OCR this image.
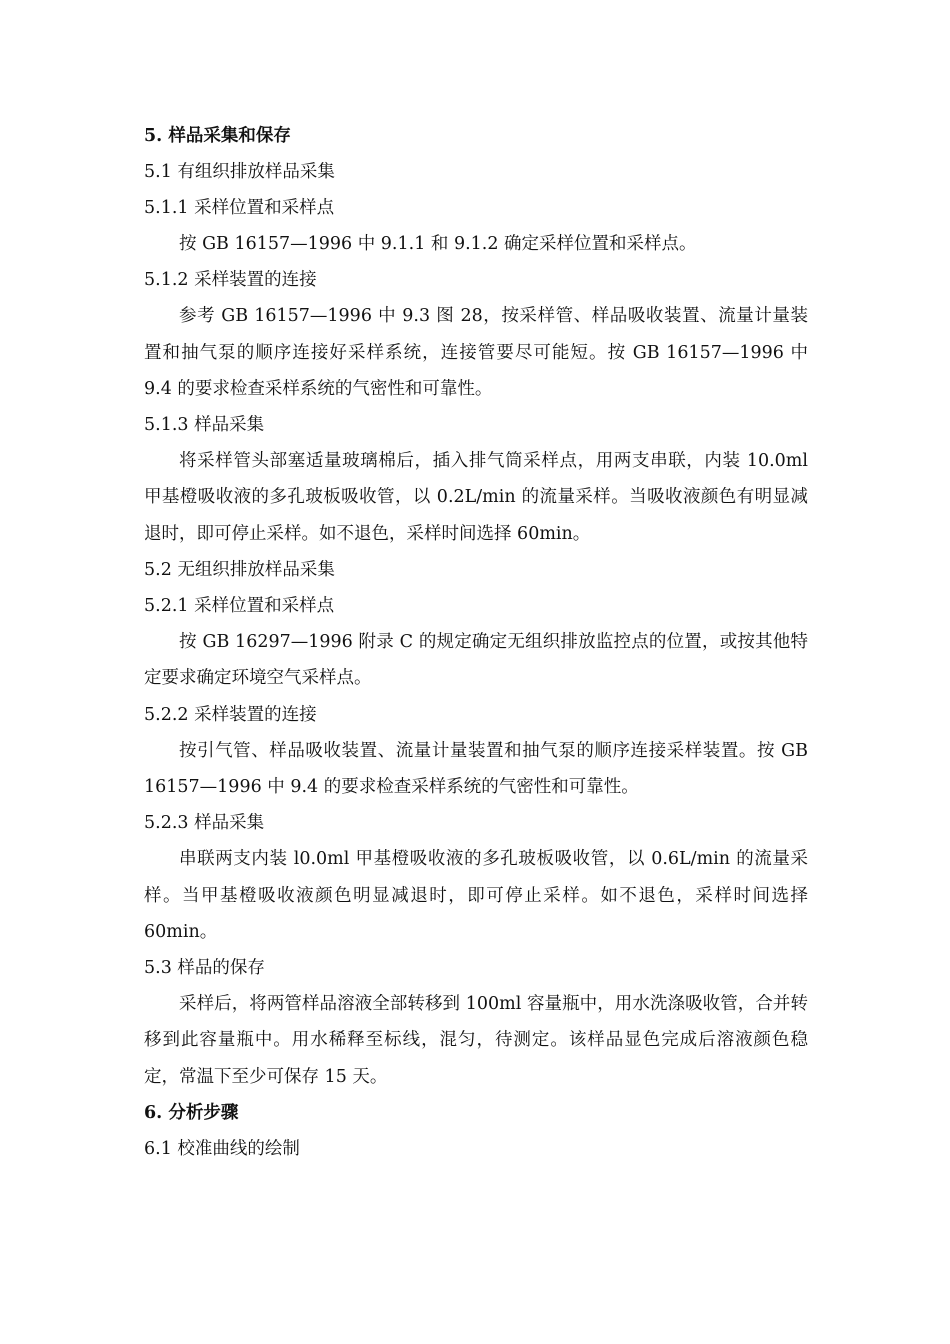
5. 样品采集和保存
5.1 有组织排放样品采集
5.1.1 采样位置和采样点
按 GB 16157—1996 中 9.1.1 和 9.1.2 确定采样位置和采样点。
5.1.2 采样装置的连接
参考 GB 16157—1996 中 9.3 图 28，按采样管、样品吸收装置、流量计量装置和抽气泵的顺序连接好采样系统，连接管要尽可能短。按 GB 16157—1996 中 9.4 的要求检查采样系统的气密性和可靠性。
5.1.3 样品采集
将采样管头部塞适量玻璃棉后，插入排气筒采样点，用两支串联，内装 10.0ml 甲基橙吸收液的多孔玻板吸收管，以 0.2L/min 的流量采样。当吸收液颜色有明显减退时，即可停止采样。如不退色，采样时间选择 60min。
5.2 无组织排放样品采集
5.2.1 采样位置和采样点
按 GB 16297—1996 附录 C 的规定确定无组织排放监控点的位置，或按其他特定要求确定环境空气采样点。
5.2.2 采样装置的连接
按引气管、样品吸收装置、流量计量装置和抽气泵的顺序连接采样装置。按 GB 16157—1996 中 9.4 的要求检查采样系统的气密性和可靠性。
5.2.3 样品采集
串联两支内装 l0.0ml 甲基橙吸收液的多孔玻板吸收管，以 0.6L/min 的流量采 样。当甲基橙吸收液颜色明显减退时，即可停止采样。如不退色，采样时间选择 60min。
5.3 样品的保存
采样后，将两管样品溶液全部转移到 100ml 容量瓶中，用水洗涤吸收管，合并转移到此容量瓶中。用水稀释至标线，混匀，待测定。该样品显色完成后溶液颜色稳定，常温下至少可保存 15 天。
6. 分析步骤
6.1 校准曲线的绘制
